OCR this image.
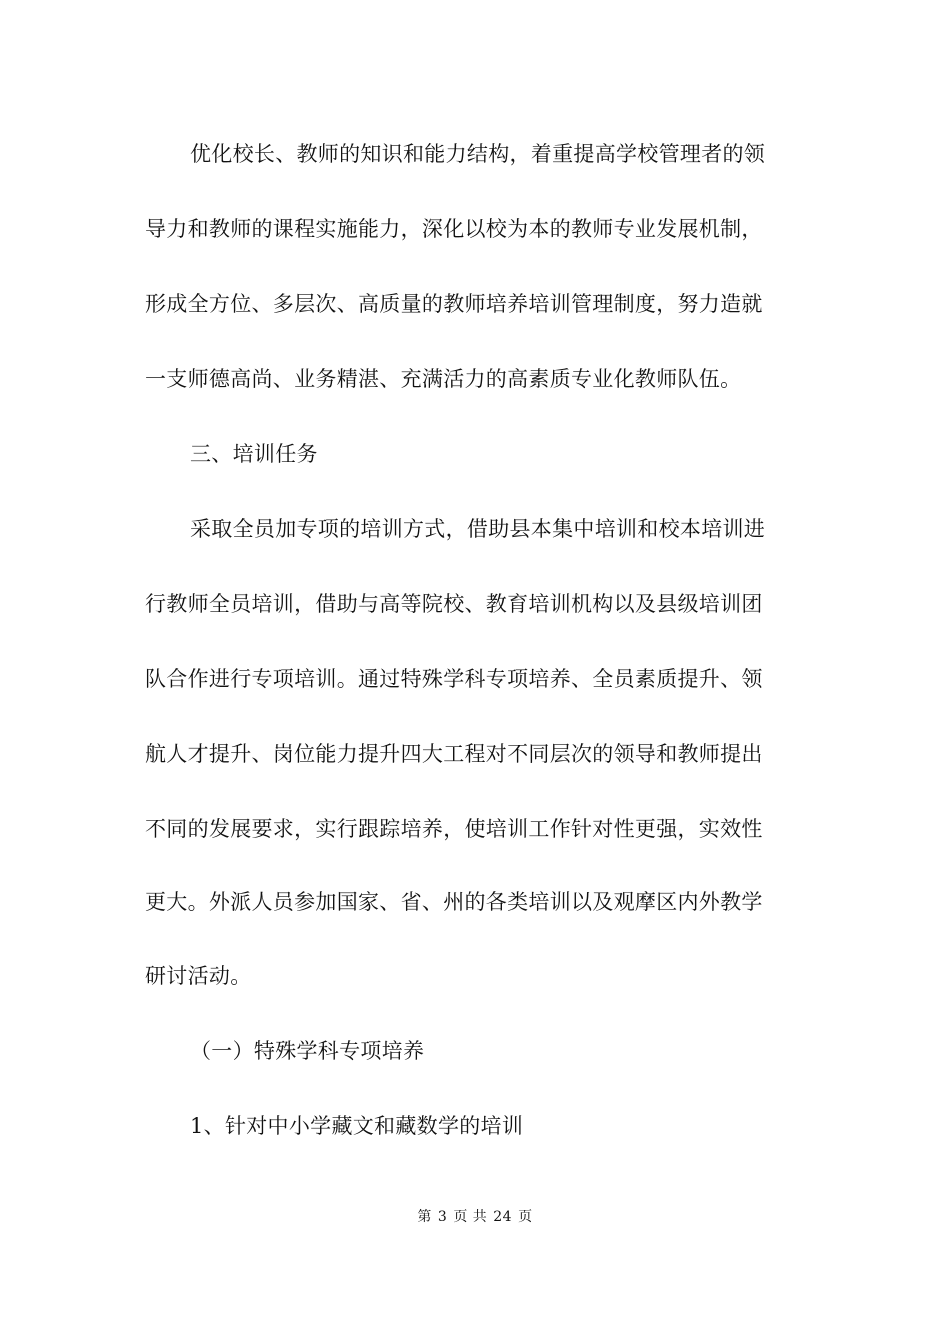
优化校长、教师的知识和能力结构，着重提高学校管理者的领
导力和教师的课程实施能力，深化以校为本的教师专业发展机制，
形成全方位、多层次、高质量的教师培养培训管理制度，努力造就
一支师德高尚、业务精湛、充满活力的高素质专业化教师队伍。
三、培训任务
采取全员加专项的培训方式，借助县本集中培训和校本培训进
行教师全员培训，借助与高等院校、教育培训机构以及县级培训团
队合作进行专项培训。通过特殊学科专项培养、全员素质提升、领
航人才提升、岗位能力提升四大工程对不同层次的领导和教师提出
不同的发展要求，实行跟踪培养，使培训工作针对性更强，实效性
更大。外派人员参加国家、省、州的各类培训以及观摩区内外教学
研讨活动。
（一）特殊学科专项培养
1、针对中小学藏文和藏数学的培训
第 3 页 共 24 页
